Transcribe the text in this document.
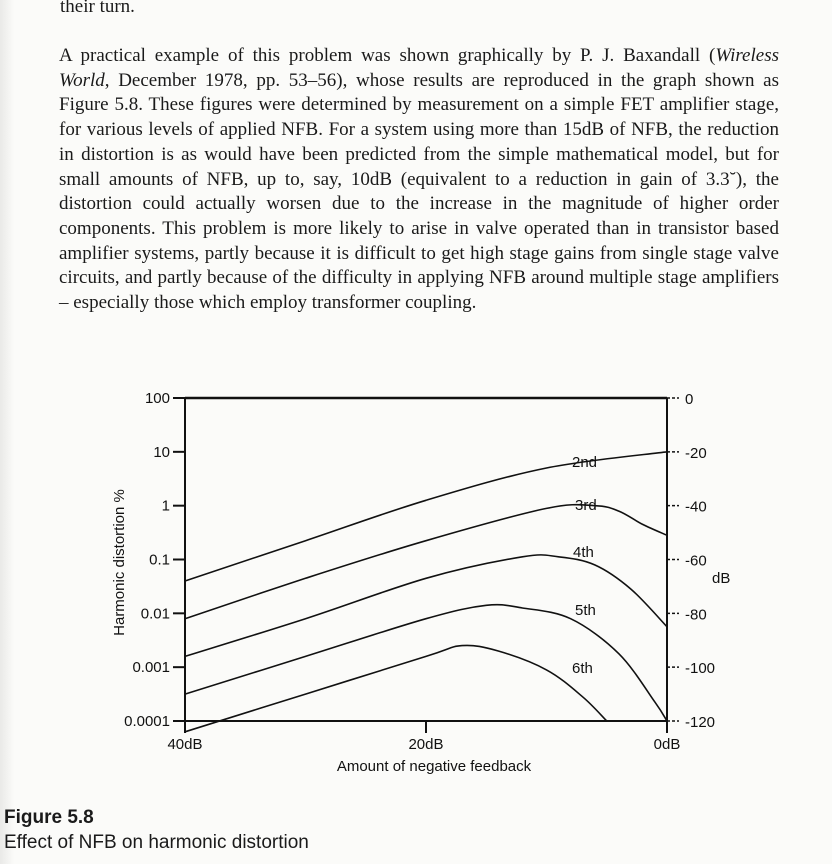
their turn.

A practical example of this problem was shown graphically by P. J. Baxandall (Wireless World, December 1978, pp. 53–56), whose results are reproduced in the graph shown as Figure 5.8. These figures were determined by measurement on a simple FET amplifier stage, for various levels of applied NFB. For a system using more than 15dB of NFB, the reduction in distortion is as would have been predicted from the simple mathematical model, but for small amounts of NFB, up to, say, 10dB (equivalent to a reduction in gain of 3.3˘), the distortion could actually worsen due to the increase in the magnitude of higher order components. This problem is more likely to arise in valve operated than in transistor based amplifier systems, partly because it is difficult to get high stage gains from single stage valve circuits, and partly because of the difficulty in applying NFB around multiple stage amplifiers – especially those which employ transformer coupling.

100
10
1
0.1
0.01
0.001
0.0001
0
-20
-40
-60
-80
-100
-120
40dB	20dB	0dB
Amount of negative feedback
Harmonic distortion %	dB
2nd
3rd
4th
5th
6th

Figure 5.8

Effect of NFB on harmonic distortion
